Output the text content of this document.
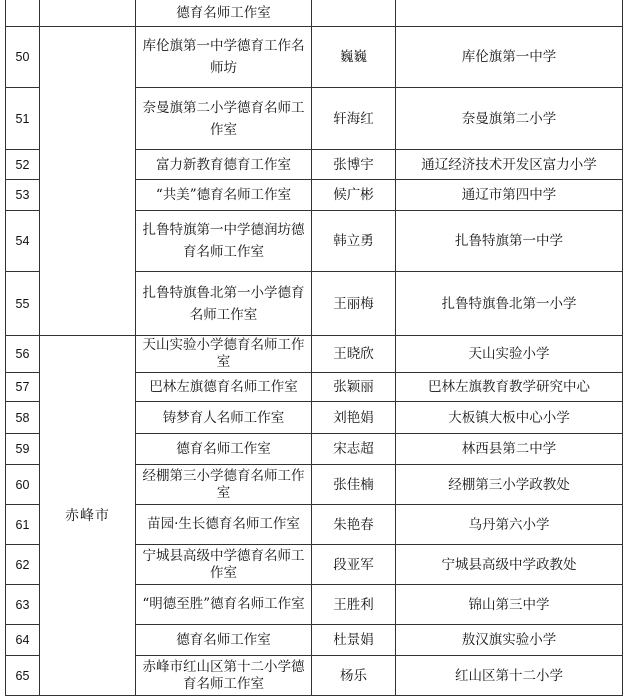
		德育名师工作室		
50		库伦旗第一中学德育工作名师坊	巍巍	库伦旗第一中学
51		奈曼旗第二小学德育名师工作室	轩海红	奈曼旗第二小学
52		富力新教育德育工作室	张博宇	通辽经济技术开发区富力小学
53		“共美”德育名师工作室	候广彬	通辽市第四中学
54		扎鲁特旗第一中学德润坊德育名师工作室	韩立勇	扎鲁特旗第一中学
55		扎鲁特旗鲁北第一小学德育名师工作室	王丽梅	扎鲁特旗鲁北第一小学
56	赤峰市	天山实验小学德育名师工作室	王晓欣	天山实验小学
57		巴林左旗德育名师工作室	张颖丽	巴林左旗教育教学研究中心
58		铸梦育人名师工作室	刘艳娟	大板镇大板中心小学
59		德育名师工作室	宋志超	林西县第二中学
60		经棚第三小学德育名师工作室	张佳楠	经棚第三小学政教处
61		苗园·生长德育名师工作室	朱艳春	乌丹第六小学
62		宁城县高级中学德育名师工作室	段亚军	宁城县高级中学政教处
63		“明德至胜”德育名师工作室	王胜利	锦山第三中学
64		德育名师工作室	杜景娟	敖汉旗实验小学
65		赤峰市红山区第十二小学德育名师工作室	杨乐	红山区第十二小学
